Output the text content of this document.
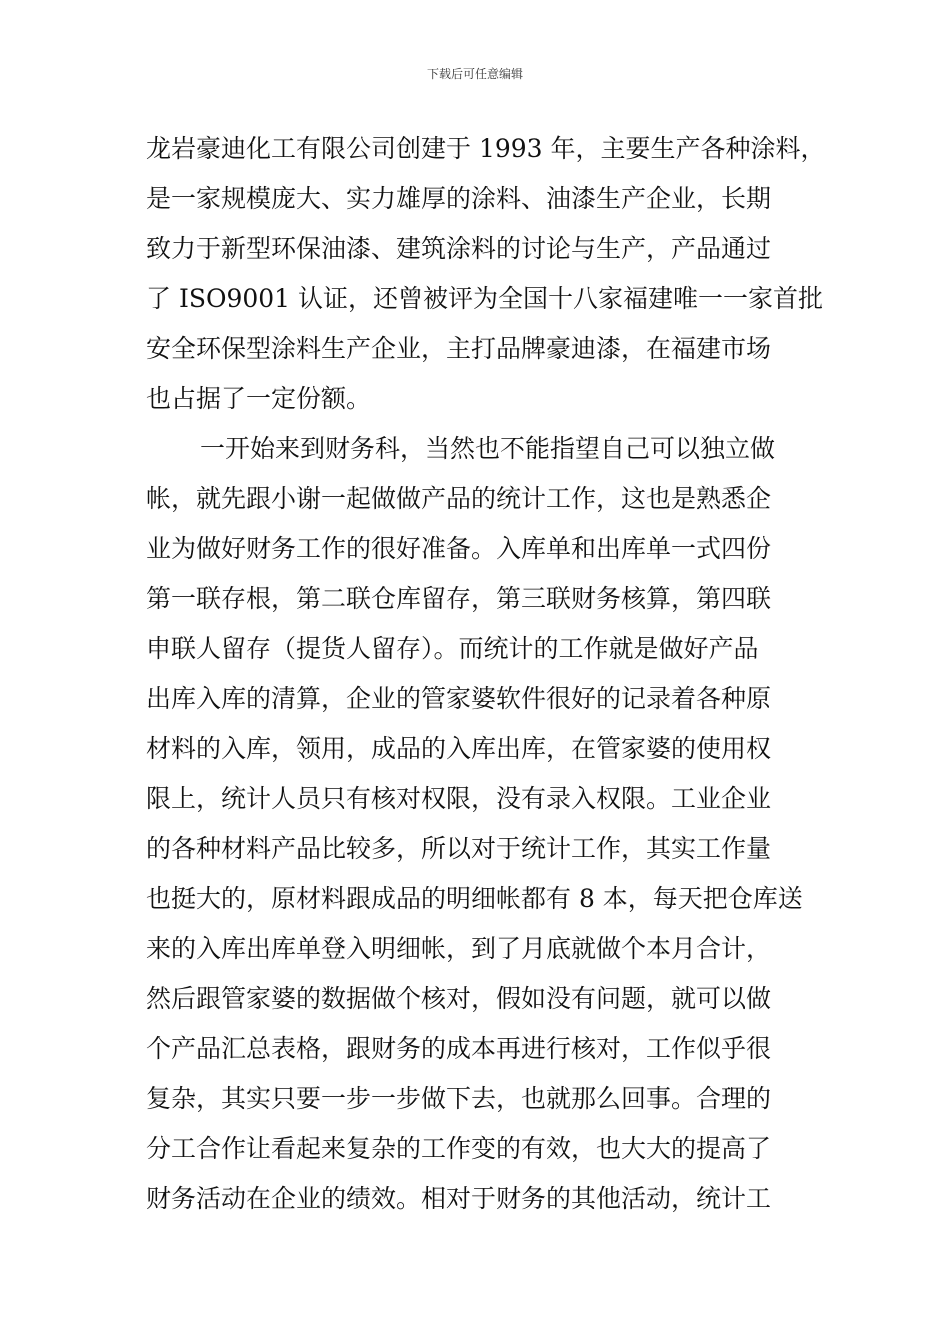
下载后可任意编辑
龙岩豪迪化工有限公司创建于 1993 年，主要生产各种涂料，
是一家规模庞大、实力雄厚的涂料、油漆生产企业，长期
致力于新型环保油漆、建筑涂料的讨论与生产，产品通过
了 ISO9001 认证，还曾被评为全国十八家福建唯一一家首批
安全环保型涂料生产企业，主打品牌豪迪漆，在福建市场
也占据了一定份额。
一开始来到财务科，当然也不能指望自己可以独立做
帐，就先跟小谢一起做做产品的统计工作，这也是熟悉企
业为做好财务工作的很好准备。入库单和出库单一式四份
第一联存根，第二联仓库留存，第三联财务核算，第四联
申联人留存（提货人留存）。而统计的工作就是做好产品
出库入库的清算，企业的管家婆软件很好的记录着各种原
材料的入库，领用，成品的入库出库，在管家婆的使用权
限上，统计人员只有核对权限，没有录入权限。工业企业
的各种材料产品比较多，所以对于统计工作，其实工作量
也挺大的，原材料跟成品的明细帐都有 8 本，每天把仓库送
来的入库出库单登入明细帐，到了月底就做个本月合计，
然后跟管家婆的数据做个核对，假如没有问题，就可以做
个产品汇总表格，跟财务的成本再进行核对，工作似乎很
复杂，其实只要一步一步做下去，也就那么回事。合理的
分工合作让看起来复杂的工作变的有效，也大大的提高了
财务活动在企业的绩效。相对于财务的其他活动，统计工
